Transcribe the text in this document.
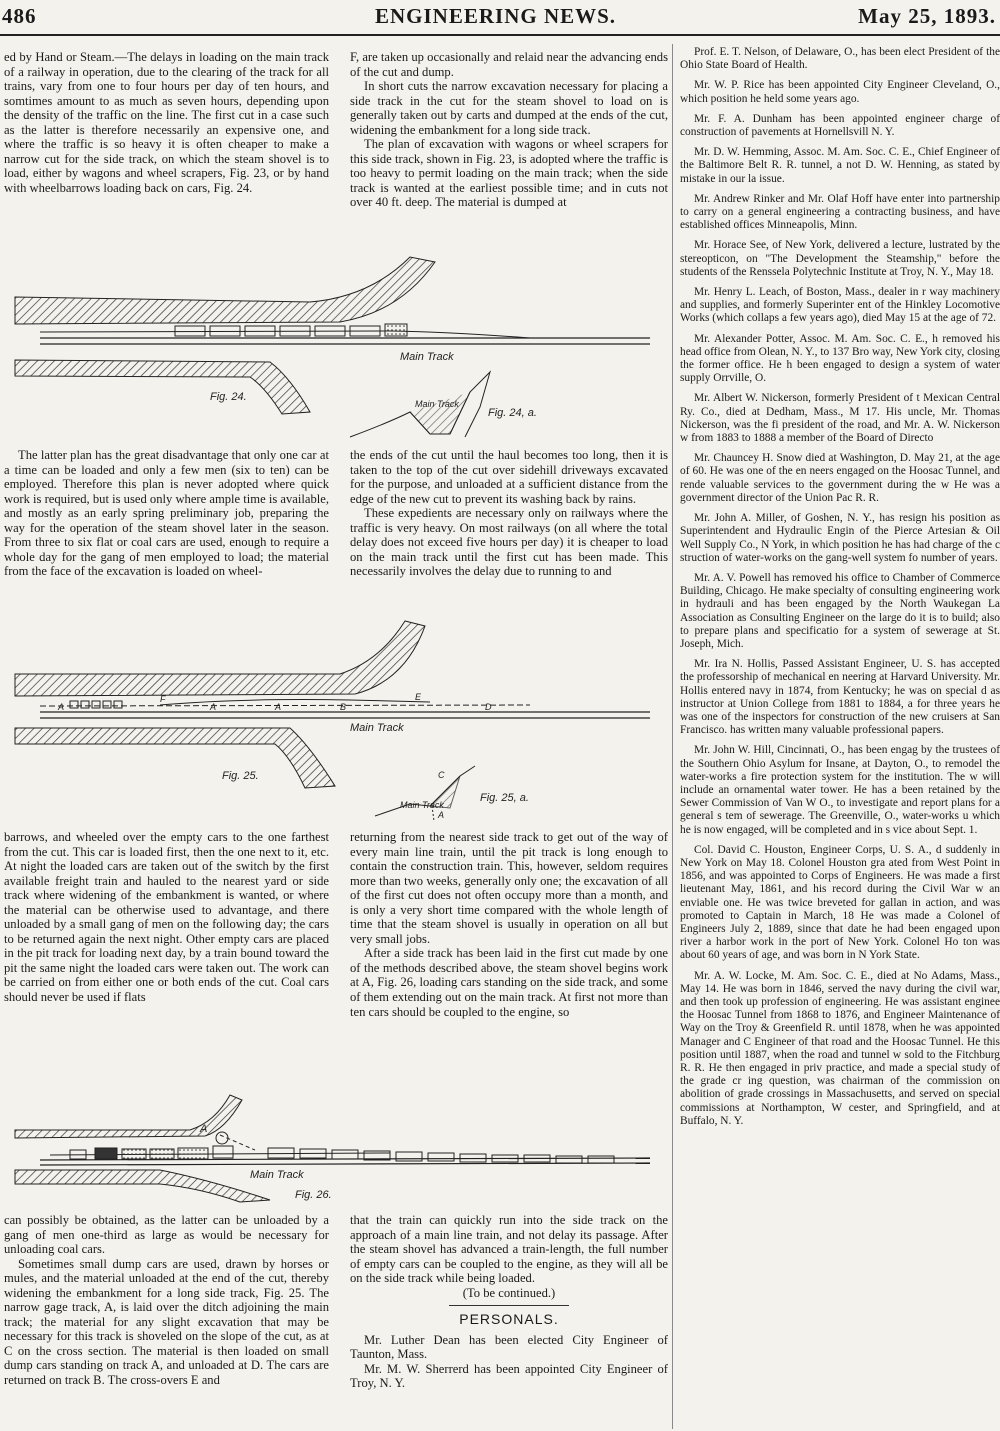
486	ENGINEERING NEWS.	May 25, 1893.

ed by Hand or Steam.—The delays in loading on the main track of a railway in operation, due to the clearing of the track for all trains, vary from one to four hours per day of ten hours, and somtimes amount to as much as seven hours, depending upon the density of the traffic on the line. The first cut in a case such as the latter is therefore necessarily an expensive one, and where the traffic is so heavy it is often cheaper to make a narrow cut for the side track, on which the steam shovel is to load, either by wagons and wheel scrapers, Fig. 23, or by hand with wheelbarrows loading back on cars, Fig. 24.

F, are taken up occasionally and relaid near the advancing ends of the cut and dump.

In short cuts the narrow excavation necessary for placing a side track in the cut for the steam shovel to load on is generally taken out by carts and dumped at the ends of the cut, widening the embankment for a long side track.

The plan of excavation with wagons or wheel scrapers for this side track, shown in Fig. 23, is adopted where the traffic is too heavy to permit loading on the main track; when the side track is wanted at the earliest possible time; and in cuts not over 40 ft. deep. The material is dumped at

Main Track
Fig. 24.
Main Track
Fig. 24, a.

The latter plan has the great disadvantage that only one car at a time can be loaded and only a few men (six to ten) can be employed. Therefore this plan is never adopted where quick work is required, but is used only where ample time is available, and mostly as an early spring preliminary job, preparing the way for the operation of the steam shovel later in the season. From three to six flat or coal cars are used, enough to require a whole day for the gang of men employed to load; the material from the face of the excavation is loaded on wheel-

the ends of the cut until the haul becomes too long, then it is taken to the top of the cut over sidehill driveways excavated for the purpose, and unloaded at a sufficient distance from the edge of the new cut to prevent its washing back by rains.

These expedients are necessary only on railways where the traffic is very heavy. On most railways (on all where the total delay does not exceed five hours per day) it is cheaper to load on the main track until the first cut has been made. This necessarily involves the delay due to running to and

A
F
A	A	B
E
D
Main Track
Fig. 25.	C
A
Main Track
Fig. 25, a.

barrows, and wheeled over the empty cars to the one farthest from the cut. This car is loaded first, then the one next to it, etc. At night the loaded cars are taken out of the switch by the first available freight train and hauled to the nearest yard or side track where widening of the embankment is wanted, or where the material can be otherwise used to advantage, and there unloaded by a small gang of men on the following day; the cars to be returned again the next night. Other empty cars are placed in the pit track for loading next day, by a train bound toward the pit the same night the loaded cars were taken out. The work can be carried on from either one or both ends of the cut. Coal cars should never be used if flats

returning from the nearest side track to get out of the way of every main line train, until the pit track is long enough to contain the construction train. This, however, seldom requires more than two weeks, generally only one; the excavation of all of the first cut does not often occupy more than a month, and is only a very short time compared with the whole length of time that the steam shovel is usually in operation on all but very small jobs.

After a side track has been laid in the first cut made by one of the methods described above, the steam shovel begins work at A, Fig. 26, loading cars standing on the side track, and some of them extending out on the main track. At first not more than ten cars should be coupled to the engine, so

A
Main Track
Fig. 26.

can possibly be obtained, as the latter can be unloaded by a gang of men one-third as large as would be necessary for unloading coal cars.

Sometimes small dump cars are used, drawn by horses or mules, and the material unloaded at the end of the cut, thereby widening the embankment for a long side track, Fig. 25. The narrow gage track, A, is laid over the ditch adjoining the main track; the material for any slight excavation that may be necessary for this track is shoveled on the slope of the cut, as at C on the cross section. The material is then loaded on small dump cars standing on track A, and unloaded at D. The cars are returned on track B. The cross-overs E and

that the train can quickly run into the side track on the approach of a main line train, and not delay its passage. After the steam shovel has advanced a train-length, the full number of empty cars can be coupled to the engine, as they will all be on the side track while being loaded.

(To be continued.)

PERSONALS.

Mr. Luther Dean has been elected City Engineer of Taunton, Mass.

Mr. M. W. Sherrerd has been appointed City Engineer of Troy, N. Y.

Prof. E. T. Nelson, of Delaware, O., has been elect President of the Ohio State Board of Health.

Mr. W. P. Rice has been appointed City Engineer Cleveland, O., which position he held some years ago.

Mr. F. A. Dunham has been appointed engineer charge of construction of pavements at Hornellsvill N. Y.

Mr. D. W. Hemming, Assoc. M. Am. Soc. C. E., Chief Engineer of the Baltimore Belt R. R. tunnel, a not D. W. Henning, as stated by mistake in our la issue.

Mr. Andrew Rinker and Mr. Olaf Hoff have enter into partnership to carry on a general engineering a contracting business, and have established offices Minneapolis, Minn.

Mr. Horace See, of New York, delivered a lecture, lustrated by the stereopticon, on "The Development the Steamship," before the students of the Renssela Polytechnic Institute at Troy, N. Y., May 18.

Mr. Henry L. Leach, of Boston, Mass., dealer in r way machinery and supplies, and formerly Superinter ent of the Hinkley Locomotive Works (which collaps a few years ago), died May 15 at the age of 72.

Mr. Alexander Potter, Assoc. M. Am. Soc. C. E., h removed his head office from Olean, N. Y., to 137 Bro way, New York city, closing the former office. He h been engaged to design a system of water supply Orrville, O.

Mr. Albert W. Nickerson, formerly President of t Mexican Central Ry. Co., died at Dedham, Mass., M 17. His uncle, Mr. Thomas Nickerson, was the fi president of the road, and Mr. A. W. Nickerson w from 1883 to 1888 a member of the Board of Directo

Mr. Chauncey H. Snow died at Washington, D. May 21, at the age of 60. He was one of the en neers engaged on the Hoosac Tunnel, and rende valuable services to the government during the w He was a government director of the Union Pac R. R.

Mr. John A. Miller, of Goshen, N. Y., has resign his position as Superintendent and Hydraulic Engin of the Pierce Artesian & Oil Well Supply Co., N York, in which position he has had charge of the c struction of water-works on the gang-well system fo number of years.

Mr. A. V. Powell has removed his office to Chamber of Commerce Building, Chicago. He make specialty of consulting engineering work in hydrauli and has been engaged by the North Waukegan La Association as Consulting Engineer on the large do it is to build; also to prepare plans and specificatio for a system of sewerage at St. Joseph, Mich.

Mr. Ira N. Hollis, Passed Assistant Engineer, U. S. has accepted the professorship of mechanical en neering at Harvard University. Mr. Hollis entered navy in 1874, from Kentucky; he was on special d as instructor at Union College from 1881 to 1884, a for three years he was one of the inspectors for construction of the new cruisers at San Francisco. has written many valuable professional papers.

Mr. John W. Hill, Cincinnati, O., has been engag by the trustees of the Southern Ohio Asylum for Insane, at Dayton, O., to remodel the water-works a fire protection system for the institution. The w will include an ornamental water tower. He has a been retained by the Sewer Commission of Van W O., to investigate and report plans for a general s tem of sewerage. The Greenville, O., water-works u which he is now engaged, will be completed and in s vice about Sept. 1.

Col. David C. Houston, Engineer Corps, U. S. A., d suddenly in New York on May 18. Colonel Houston gra ated from West Point in 1856, and was appointed to Corps of Engineers. He was made a first lieutenant May, 1861, and his record during the Civil War w an enviable one. He was twice breveted for gallan in action, and was promoted to Captain in March, 18 He was made a Colonel of Engineers July 2, 1889, since that date he had been engaged upon river a harbor work in the port of New York. Colonel Ho ton was about 60 years of age, and was born in N York State.

Mr. A. W. Locke, M. Am. Soc. C. E., died at No Adams, Mass., May 14. He was born in 1846, served the navy during the civil war, and then took up profession of engineering. He was assistant enginee the Hoosac Tunnel from 1868 to 1876, and Engineer Maintenance of Way on the Troy & Greenfield R. until 1878, when he was appointed Manager and C Engineer of that road and the Hoosac Tunnel. He this position until 1887, when the road and tunnel w sold to the Fitchburg R. R. He then engaged in priv practice, and made a special study of the grade cr ing question, was chairman of the commission on abolition of grade crossings in Massachusetts, and served on special commissions at Northampton, W cester, and Springfield, and at Buffalo, N. Y.
